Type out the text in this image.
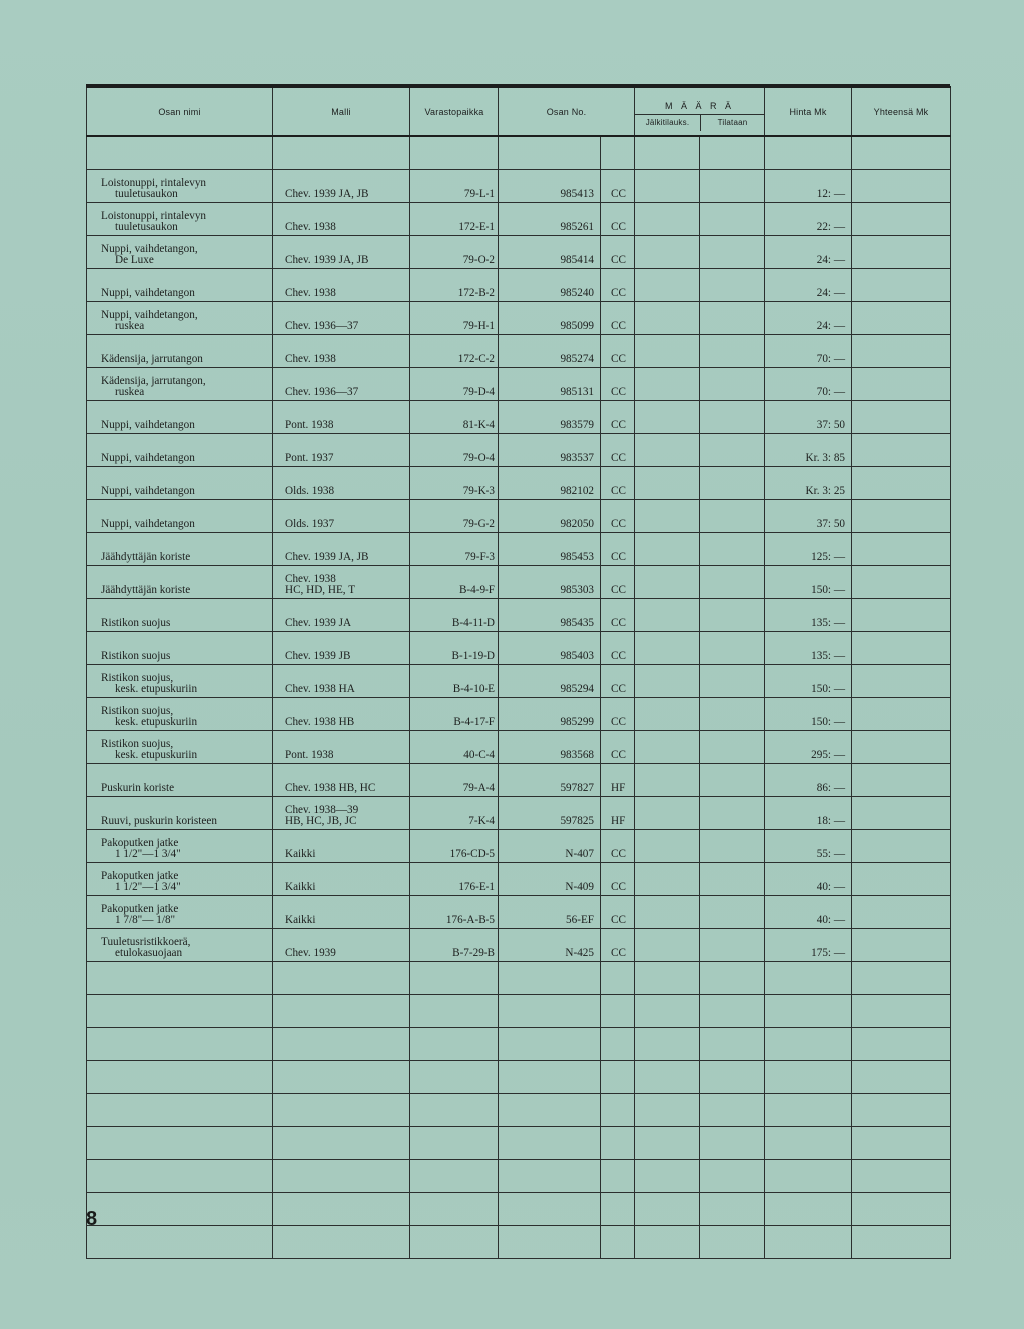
Osan nimi	Malli	Varastopaikka	Osan No.		M Ä Ä R Ä
Jälkitilauks. Tilataan		Hinta Mk	Yhteensä Mk

Loistonuppi, rintalevyn
tuuletusaukon	Chev. 1939 JA, JB	79-L-1	985413	CC			12: —	

Loistonuppi, rintalevyn
tuuletusaukon	Chev. 1938	172-E-1	985261	CC			22: —	

Nuppi, vaihdetangon,
De Luxe	Chev. 1939 JA, JB	79-O-2	985414	CC			24: —	

Nuppi, vaihdetangon	Chev. 1938	172-B-2	985240	CC			24: —	

Nuppi, vaihdetangon,
ruskea	Chev. 1936—37	79-H-1	985099	CC			24: —	

Kädensija, jarrutangon	Chev. 1938	172-C-2	985274	CC			70: —	

Kädensija, jarrutangon,
ruskea	Chev. 1936—37	79-D-4	985131	CC			70: —	

Nuppi, vaihdetangon	Pont. 1938	81-K-4	983579	CC			37: 50	

Nuppi, vaihdetangon	Pont. 1937	79-O-4	983537	CC			Kr. 3: 85	

Nuppi, vaihdetangon	Olds. 1938	79-K-3	982102	CC			Kr. 3: 25	

Nuppi, vaihdetangon	Olds. 1937	79-G-2	982050	CC			37: 50	

Jäähdyttäjän koriste	Chev. 1939 JA, JB	79-F-3	985453	CC			125: —	

Jäähdyttäjän koriste	Chev. 1938
HC, HD, HE, T	B-4-9-F	985303	CC			150: —	

Ristikon suojus	Chev. 1939 JA	B-4-11-D	985435	CC			135: —	

Ristikon suojus	Chev. 1939 JB	B-1-19-D	985403	CC			135: —	

Ristikon suojus,
kesk. etupuskuriin	Chev. 1938 HA	B-4-10-E	985294	CC			150: —	

Ristikon suojus,
kesk. etupuskuriin	Chev. 1938 HB	B-4-17-F	985299	CC			150: —	

Ristikon suojus,
kesk. etupuskuriin	Pont. 1938	40-C-4	983568	CC			295: —	

Puskurin koriste	Chev. 1938 HB, HC	79-A-4	597827	HF			86: —	

Ruuvi, puskurin koristeen	Chev. 1938—39
HB, HC, JB, JC	7-K-4	597825	HF			18: —	

Pakoputken jatke
1 1/2"—1 3/4"	Kaikki	176-CD-5	N-407	CC			55: —	

Pakoputken jatke
1 1/2"—1 3/4"	Kaikki	176-E-1	N-409	CC			40: —	

Pakoputken jatke
1 7/8"— 1/8"	Kaikki	176-A-B-5	56-EF	CC			40: —	

Tuuletusristikkoerä,
etulokasuojaan	Chev. 1939	B-7-29-B	N-425	CC			175: —	

8
